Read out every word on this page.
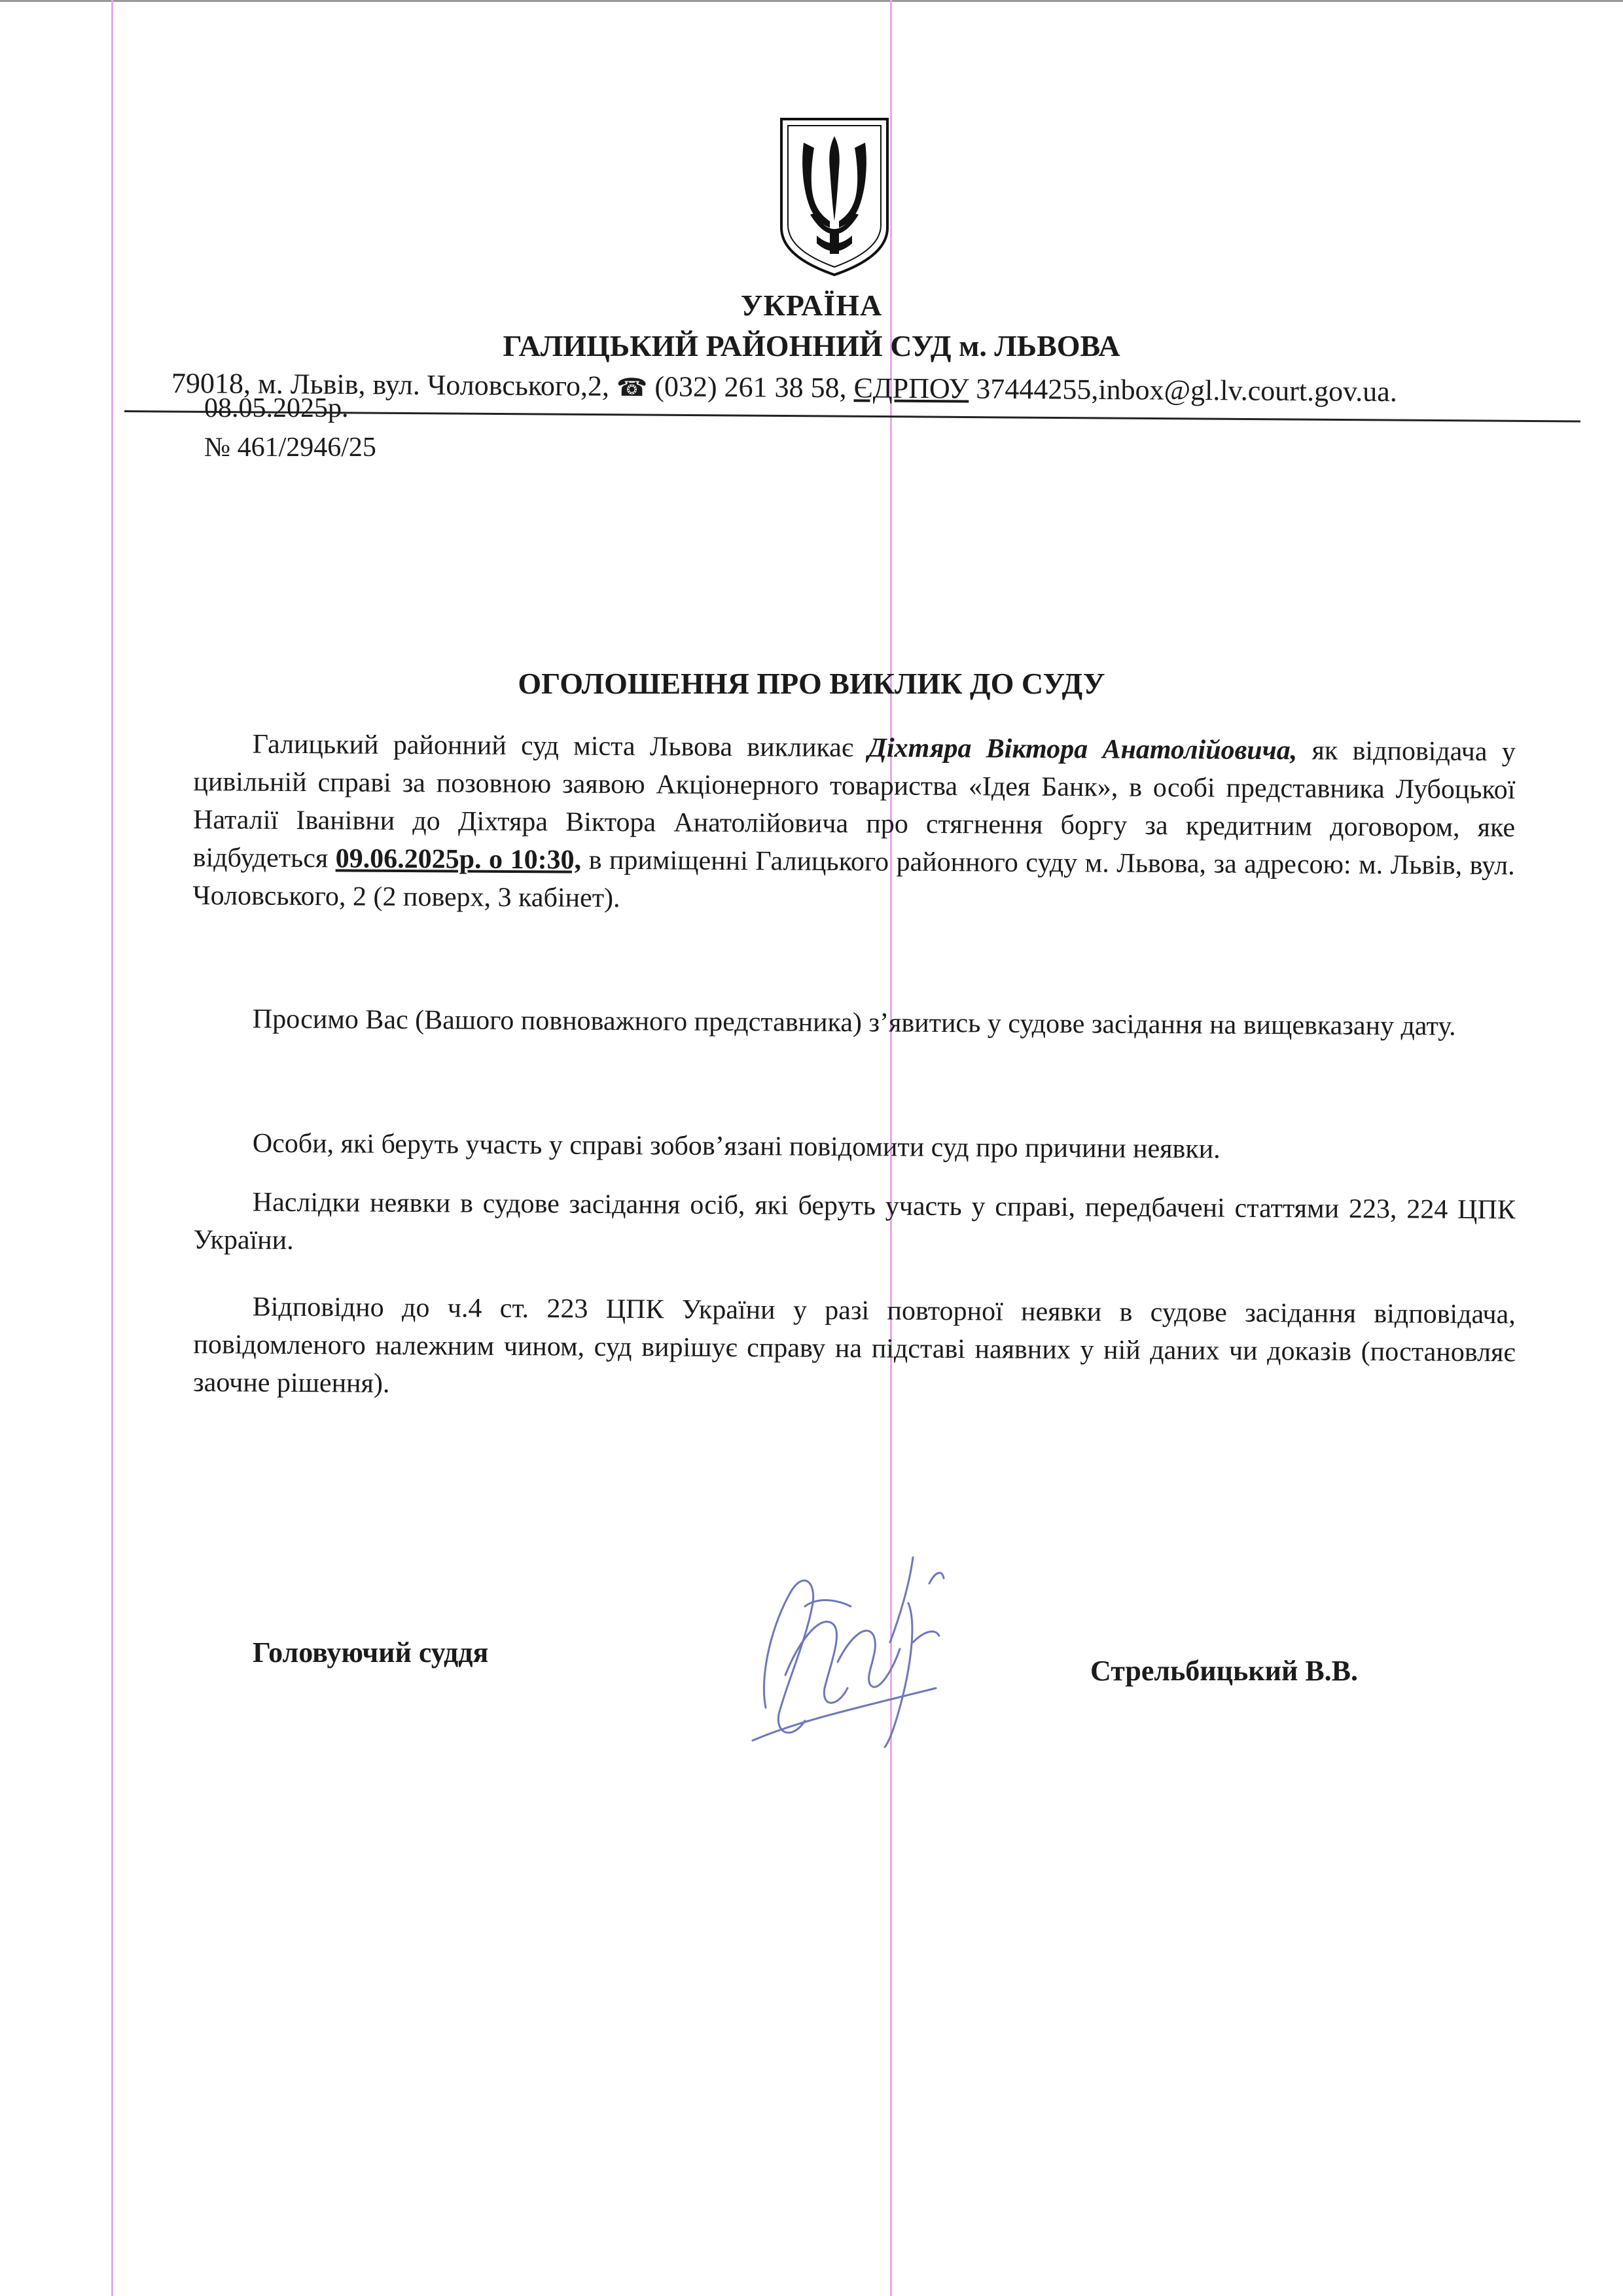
УКРАЇНА
ГАЛИЦЬКИЙ РАЙОННИЙ СУД м. ЛЬВОВА
79018, м. Львів, вул. Чоловського,2, ☎ (032) 261 38 58, ЄДРПОУ 37444255,inbox@gl.lv.court.gov.ua.
08.05.2025р.
№ 461/2946/25
ОГОЛОШЕННЯ ПРО ВИКЛИК ДО СУДУ
Галицький районний суд міста Львова викликає Діхтяра Віктора Анатолійовича, як відповідача у цивільній справі за позовною заявою Акціонерного товариства «Ідея Банк», в особі представника Лубоцької Наталії Іванівни до Діхтяра Віктора Анатолійовича про стягнення боргу за кредитним договором, яке відбудеться 09.06.2025р. о 10:30, в приміщенні Галицького районного суду м. Львова, за адресою: м. Львів, вул. Чоловського, 2 (2 поверх, 3 кабінет).
Просимо Вас (Вашого повноважного представника) з’явитись у судове засідання на вищевказану дату.
Особи, які беруть участь у справі зобов’язані повідомити суд про причини неявки.
Наслідки неявки в судове засідання осіб, які беруть участь у справі, передбачені статтями 223, 224 ЦПК України.
Відповідно до ч.4 ст. 223 ЦПК України у разі повторної неявки в судове засідання відповідача, повідомленого належним чином, суд вирішує справу на підставі наявних у ній даних чи доказів (постановляє заочне рішення).
Головуючий суддя
Стрельбицький В.В.
